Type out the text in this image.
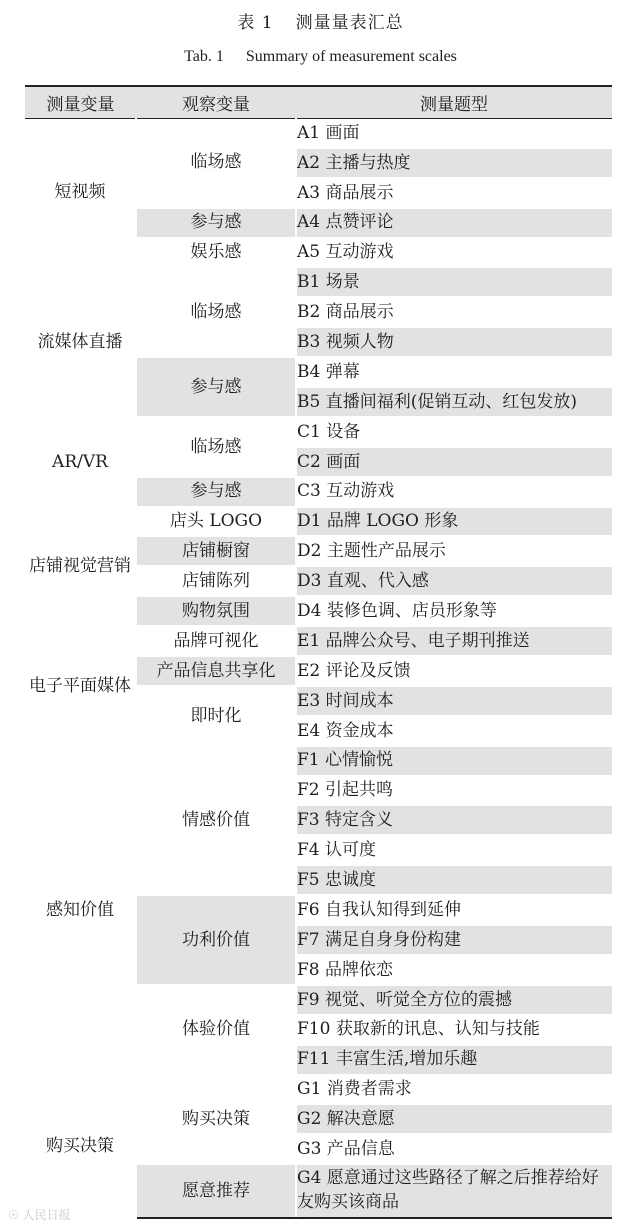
表 1 测量量表汇总
Tab. 1 Summary of measurement scales
测量变量	观察变量	测量题型
短视频	临场感	A1 画面
		A2 主播与热度
		A3 商品展示
	参与感	A4 点赞评论
	娱乐感	A5 互动游戏
流媒体直播	临场感	B1 场景
		B2 商品展示
		B3 视频人物
	参与感	B4 弹幕
		B5 直播间福利(促销互动、红包发放)
AR/VR	临场感	C1 设备
		C2 画面
	参与感	C3 互动游戏
店铺视觉营销	店头 LOGO	D1 品牌 LOGO 形象
	店铺橱窗	D2 主题性产品展示
	店铺陈列	D3 直观、代入感
	购物氛围	D4 装修色调、店员形象等
电子平面媒体	品牌可视化	E1 品牌公众号、电子期刊推送
	产品信息共享化	E2 评论及反馈
	即时化	E3 时间成本
		E4 资金成本
感知价值	情感价值	F1 心情愉悦
		F2 引起共鸣
		F3 特定含义
		F4 认可度
		F5 忠诚度
	功利价值	F6 自我认知得到延伸
		F7 满足自身身份构建
		F8 品牌依恋
	体验价值	F9 视觉、听觉全方位的震撼
		F10 获取新的讯息、认知与技能
		F11 丰富生活,增加乐趣
购买决策	购买决策	G1 消费者需求
		G2 解决意愿
		G3 产品信息
	愿意推荐	G4 愿意通过这些路径了解之后推荐给好友购买该商品
☉ 人民日报
